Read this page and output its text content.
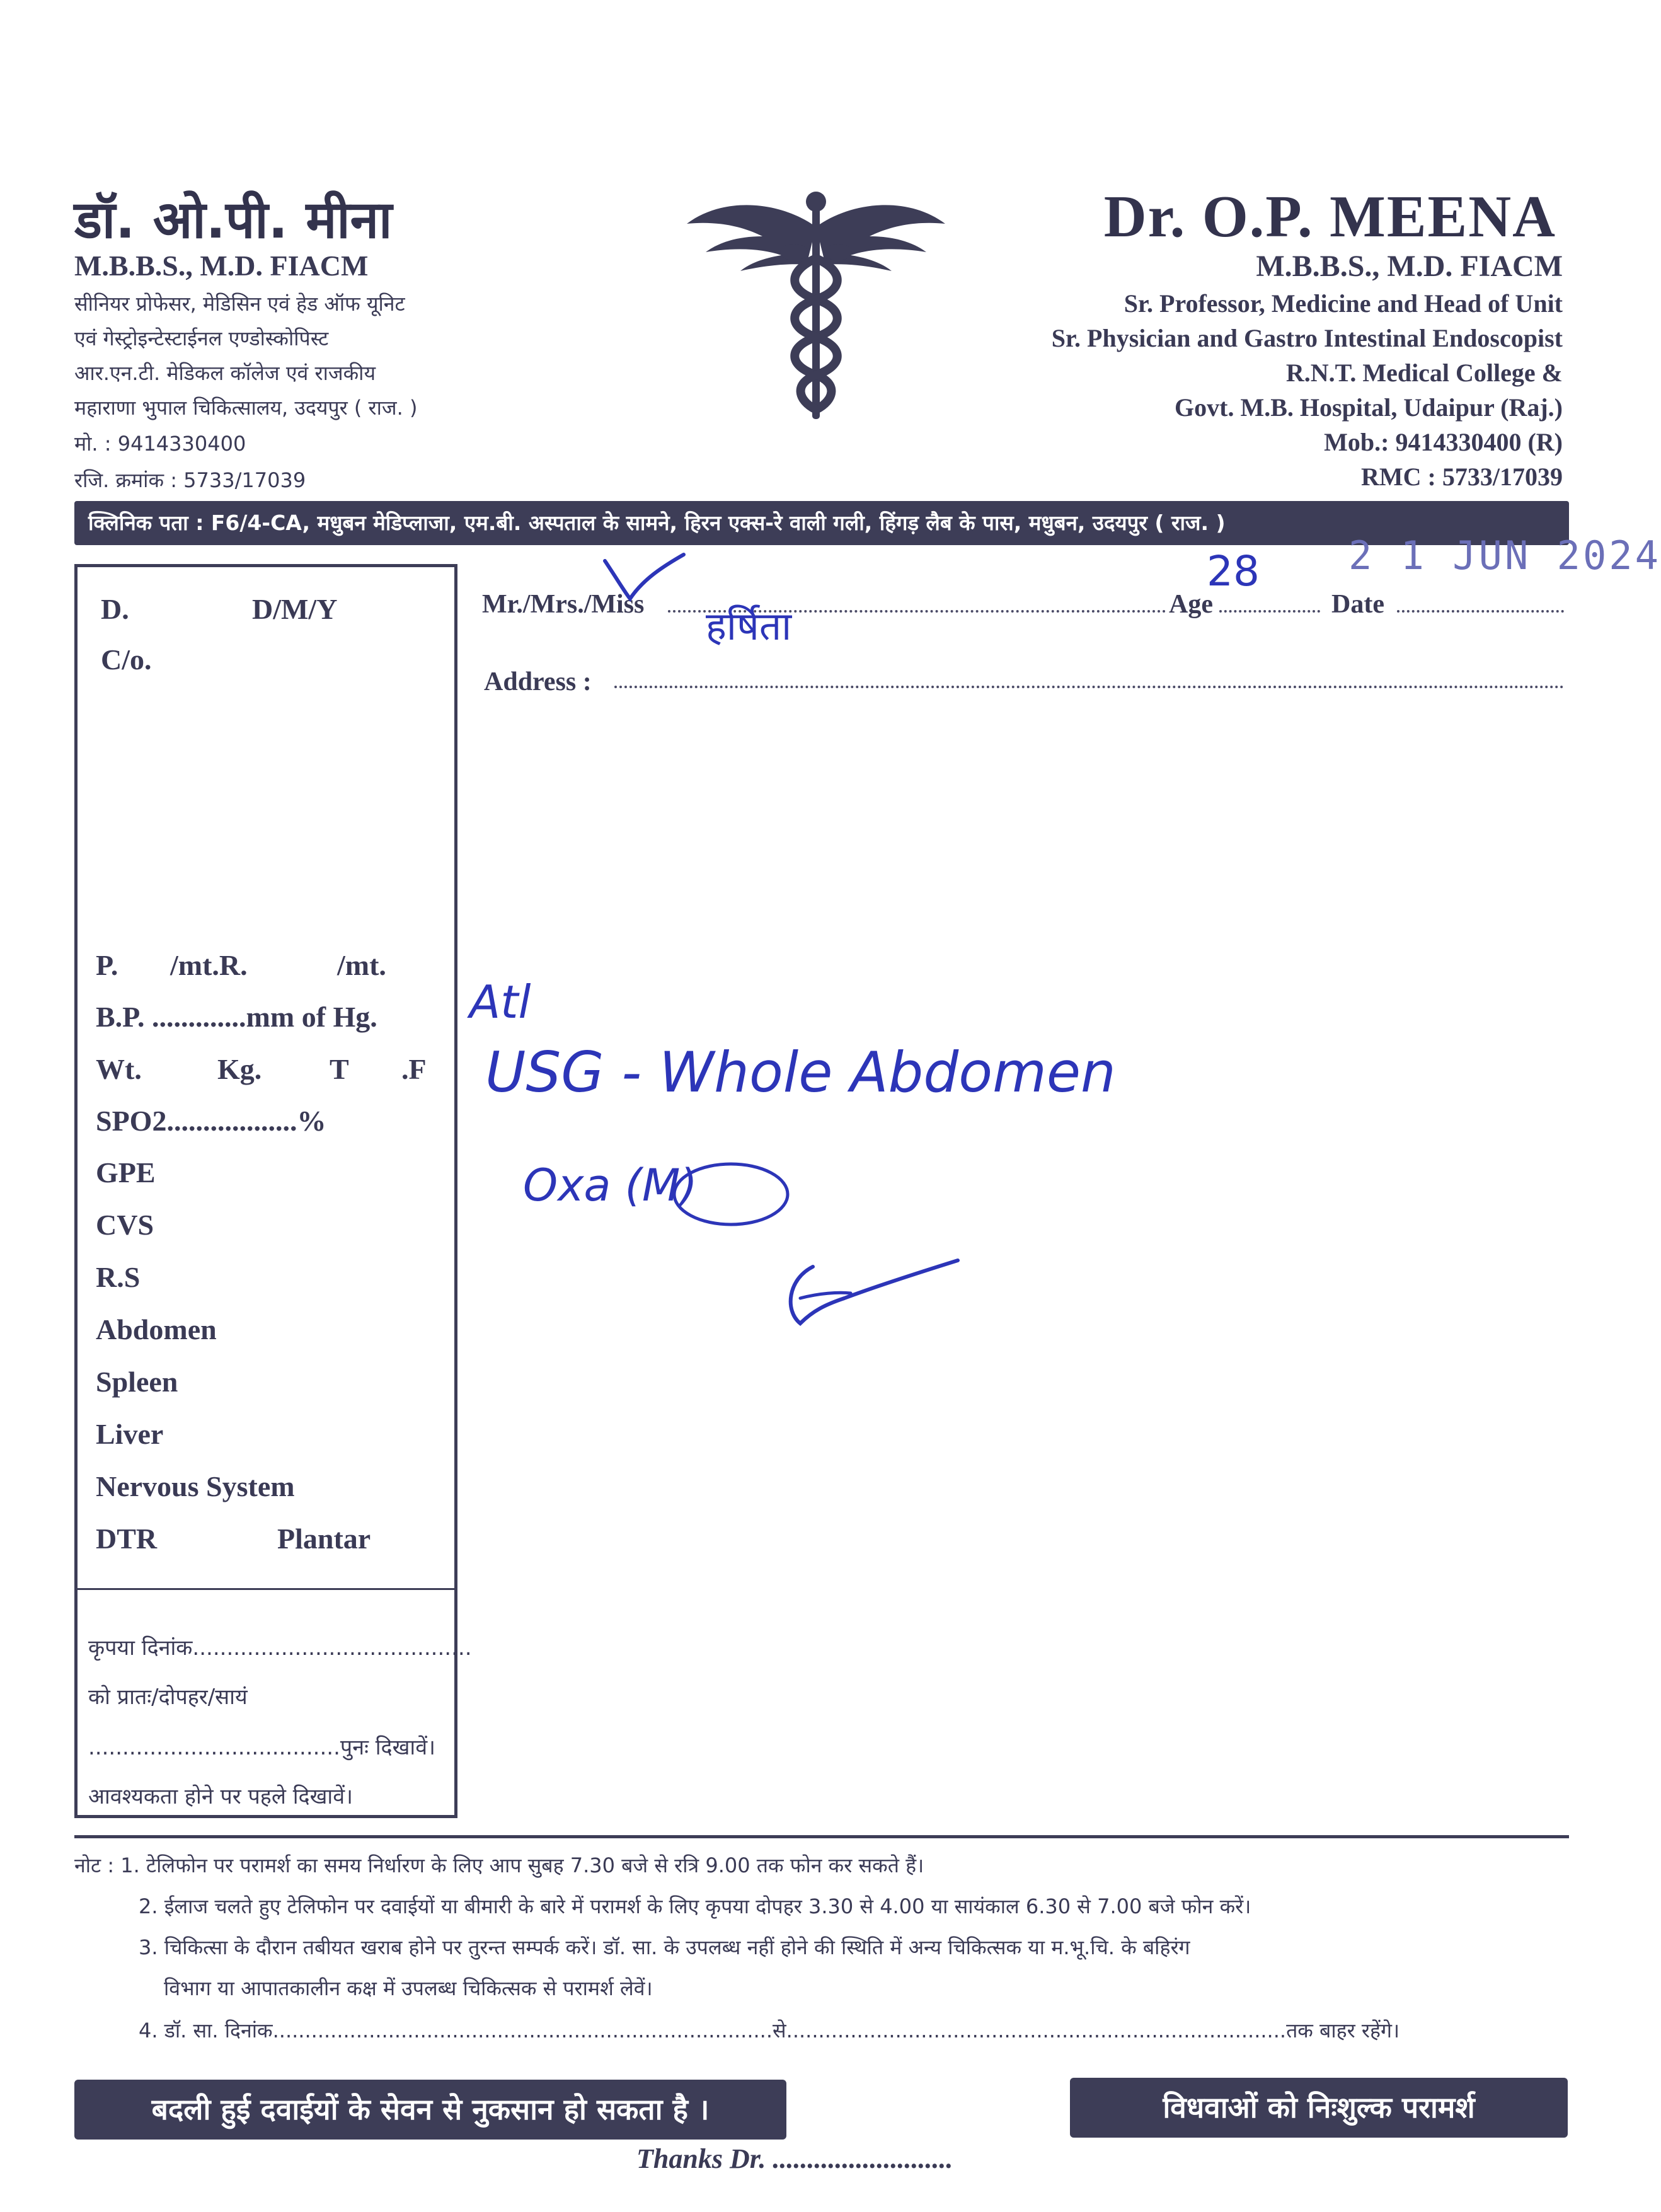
डॉ. ओ.पी. मीना
M.B.B.S., M.D. FIACM
सीनियर प्रोफेसर, मेडिसिन एवं हेड ऑफ यूनिट
एवं गेस्ट्रोइन्टेस्टाईनल एण्डोस्कोपिस्ट
आर.एन.टी. मेडिकल कॉलेज एवं राजकीय
महाराणा भुपाल चिकित्सालय, उदयपुर ( राज. )
मो. : 9414330400
रजि. क्रमांक : 5733/17039
Dr. O.P. MEENA
M.B.B.S., M.D. FIACM
Sr. Professor, Medicine and Head of Unit
Sr. Physician and Gastro Intestinal Endoscopist
R.N.T. Medical College &
Govt. M.B. Hospital, Udaipur (Raj.)
Mob.: 9414330400 (R)
RMC : 5733/17039
क्लिनिक पता : F6/4-CA, मधुबन मेडिप्लाजा, एम.बी. अस्पताल के सामने, हिरन एक्स-रे वाली गली, हिंगड़ लैब के पास, मधुबन, उदयपुर ( राज. )
2 1 JUN 2024
D.	D/M/Y
C/o.
P. /mt.R.	/mt.
B.P. .............mm of Hg.
Wt.	Kg. T .F
SPO2..................%
GPE
CVS
R.S
Abdomen
Spleen
Liver
Nervous System
DTR	Plantar
कृपया दिनांक.........................................
को प्रातः/दोपहर/सायं
.....................................पुनः दिखावें।
आवश्यकता होने पर पहले दिखावें।
Mr./Mrs./Miss	Age	Date
Address :
हर्षिता
28
Atl
USG - Whole Abdomen
Oxa (M)
नोट : 1. टेलिफोन पर परामर्श का समय निर्धारण के लिए आप सुबह 7.30 बजे से रत्रि 9.00 तक फोन कर सकते हैं।
2. ईलाज चलते हुए टेलिफोन पर दवाईयों या बीमारी के बारे में परामर्श के लिए कृपया दोपहर 3.30 से 4.00 या सायंकाल 6.30 से 7.00 बजे फोन करें।
3. चिकित्सा के दौरान तबीयत खराब होने पर तुरन्त सम्पर्क करें। डॉ. सा. के उपलब्ध नहीं होने की स्थिति में अन्य चिकित्सक या म.भू.चि. के बहिरंग
विभाग या आपातकालीन कक्ष में उपलब्ध चिकित्सक से परामर्श लेवें।
4. डॉ. सा. दिनांक..............................................................................से..............................................................................तक बाहर रहेंगे।
बदली हुई दवाईयों के सेवन से नुकसान हो सकता है ।	विधवाओं को निःशुल्क परामर्श
Thanks Dr. ..........................
